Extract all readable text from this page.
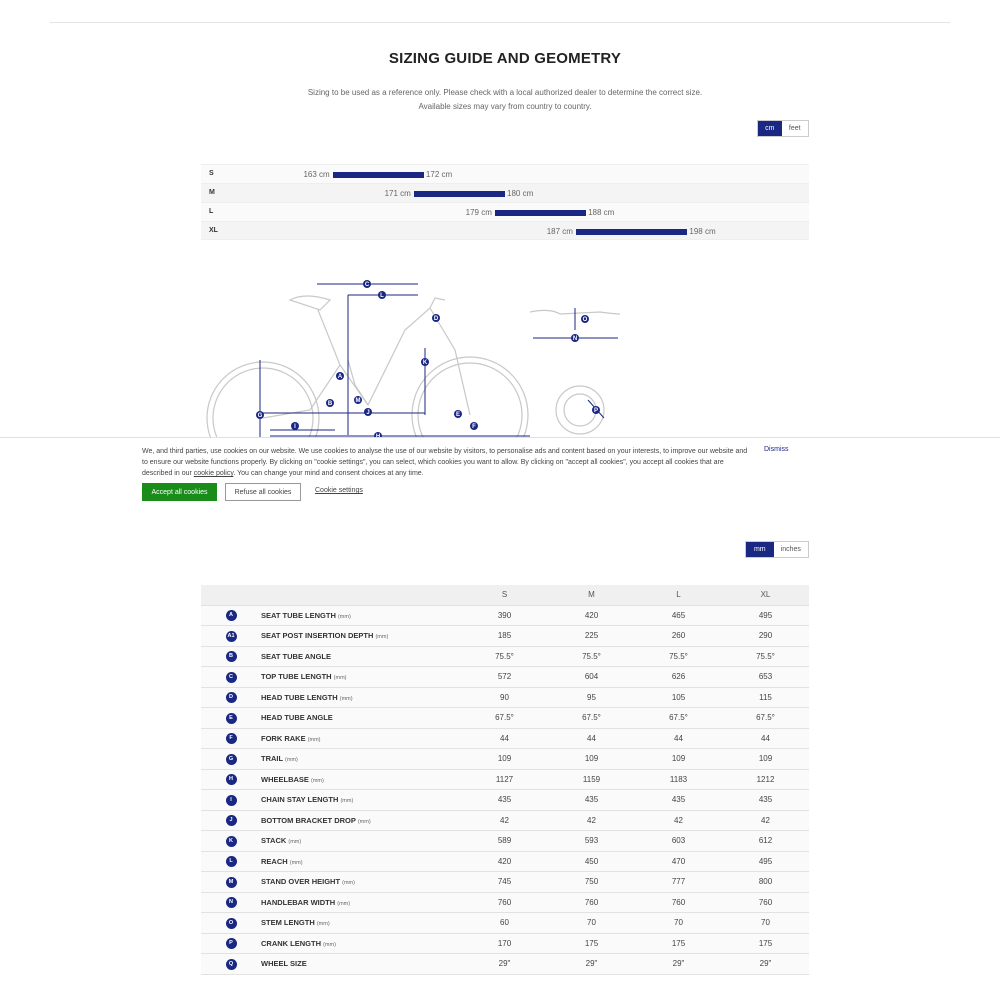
SIZING GUIDE AND GEOMETRY
Sizing to be used as a reference only. Please check with a local authorized dealer to determine the correct size.
Available sizes may vary from country to country.
cm	feet
S	163 cm	172 cm
M	171 cm	180 cm
L	179 cm	188 cm
XL	187 cm	198 cm
C
L
D
K
A
B	M
J
G
I
E
F
O
N
P
We, and third parties, use cookies on our website. We use cookies to analyse the use of our website by visitors, to personalise ads and content based on your interests, to improve our website and to ensure our website functions properly. By clicking on "cookie settings", you can select, which cookies you want to allow. By clicking on "accept all cookies", you accept all cookies that are described in our cookie policy. You can change your mind and consent choices at any time.
Dismiss
Accept all cookies	Refuse all cookies	Cookie settings
mm	inches
		S	M	L	XL
A	SEAT TUBE LENGTH (mm)	390	420	465	495
A1	SEAT POST INSERTION DEPTH (mm)	185	225	260	290
B	SEAT TUBE ANGLE	75.5°	75.5°	75.5°	75.5°
C	TOP TUBE LENGTH (mm)	572	604	626	653
D	HEAD TUBE LENGTH (mm)	90	95	105	115
E	HEAD TUBE ANGLE	67.5°	67.5°	67.5°	67.5°
F	FORK RAKE (mm)	44	44	44	44
G	TRAIL (mm)	109	109	109	109
H	WHEELBASE (mm)	1127	1159	1183	1212
I	CHAIN STAY LENGTH (mm)	435	435	435	435
J	BOTTOM BRACKET DROP (mm)	42	42	42	42
K	STACK (mm)	589	593	603	612
L	REACH (mm)	420	450	470	495
M	STAND OVER HEIGHT (mm)	745	750	777	800
N	HANDLEBAR WIDTH (mm)	760	760	760	760
O	STEM LENGTH (mm)	60	70	70	70
P	CRANK LENGTH (mm)	170	175	175	175
Q	WHEEL SIZE	29"	29"	29"	29"
